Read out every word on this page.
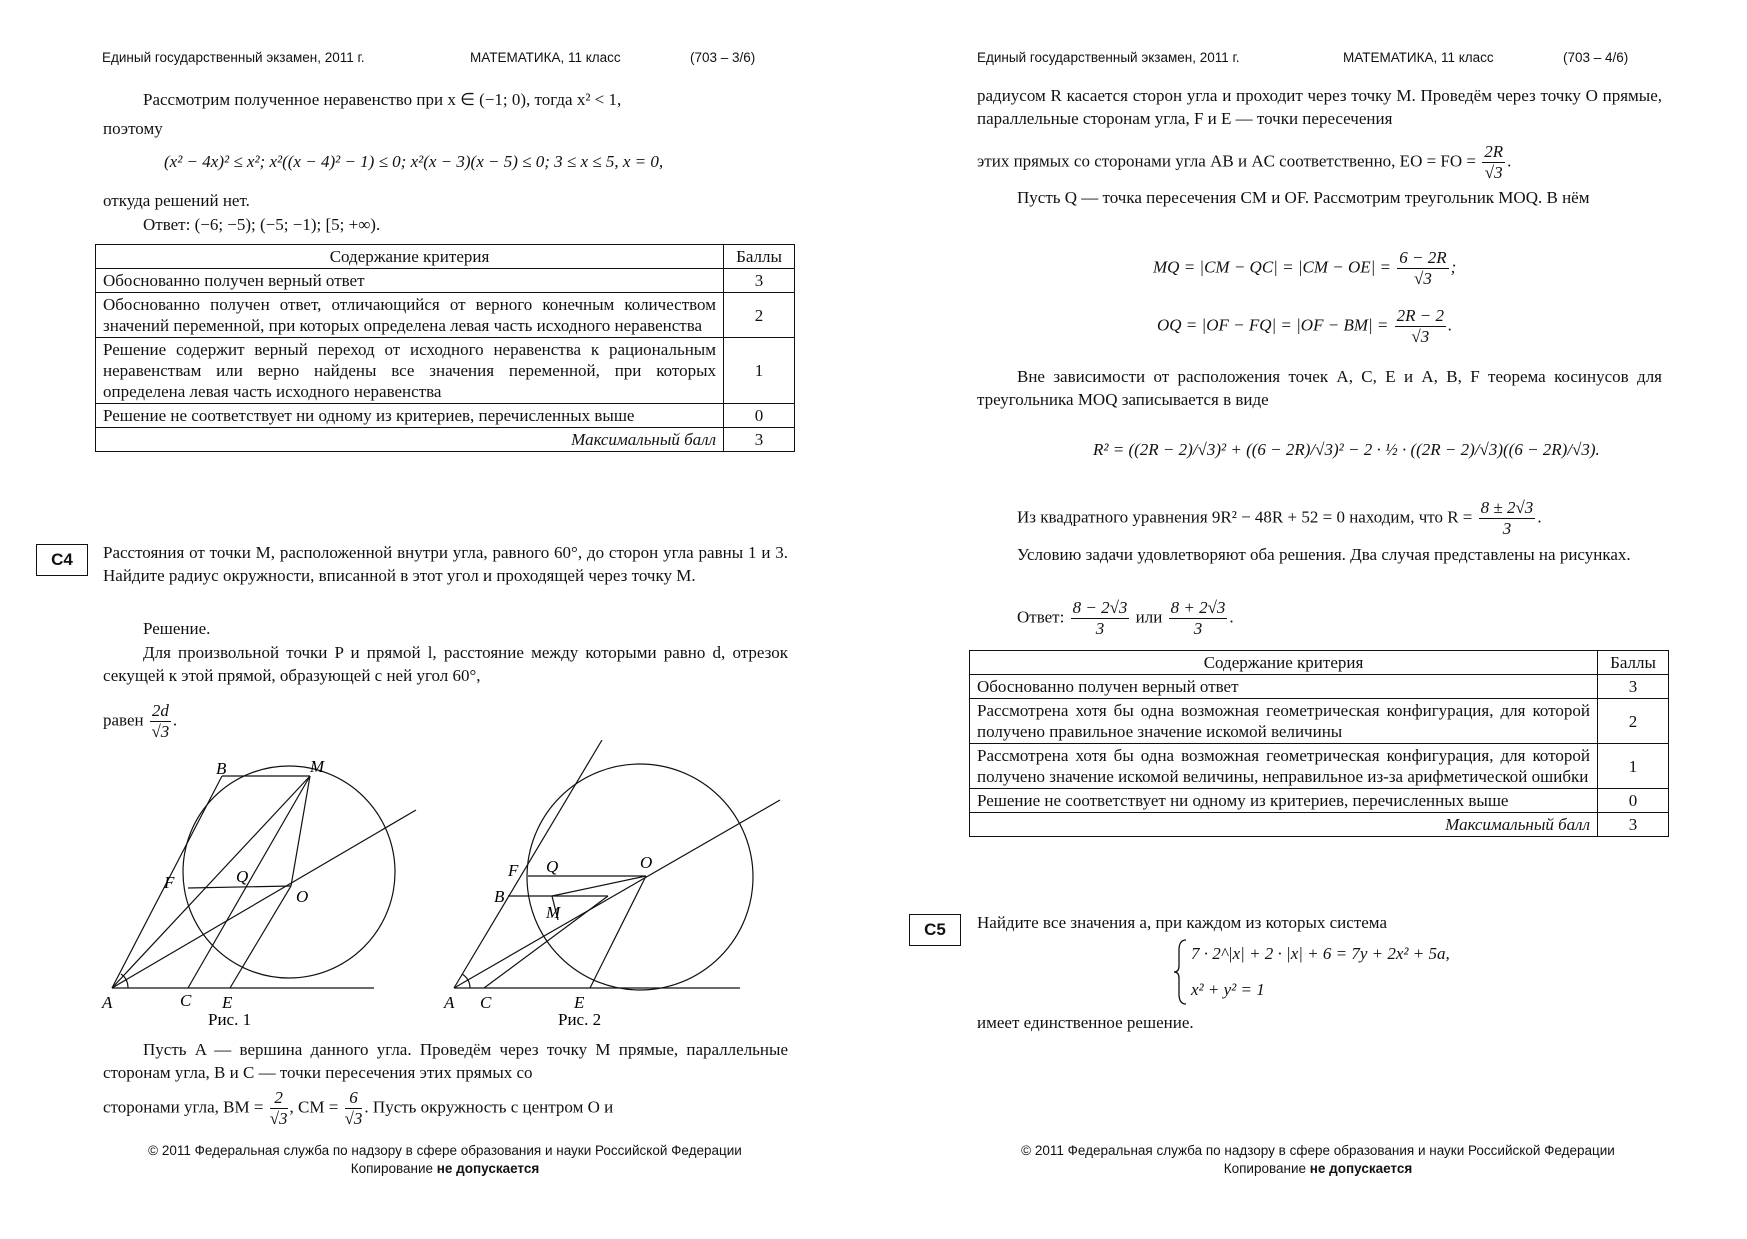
Единый государственный экзамен, 2011 г.	МАТЕМАТИКА, 11 класс	(703 – 3/6)
Рассмотрим полученное неравенство при x ∈ (−1; 0), тогда x² < 1,
поэтому
(x² − 4x)² ≤ x²; x²((x − 4)² − 1) ≤ 0; x²(x − 3)(x − 5) ≤ 0; 3 ≤ x ≤ 5, x = 0,
откуда решений нет.
Ответ: (−6; −5); (−5; −1); [5; +∞).
Содержание критерия	Баллы
Обоснованно получен верный ответ	3
Обоснованно получен ответ, отличающийся от верного конечным количеством значений переменной, при которых определена левая часть исходного неравенства	2
Решение содержит верный переход от исходного неравенства к рациональным неравенствам или верно найдены все значения переменной, при которых определена левая часть исходного неравенства	1
Решение не соответствует ни одному из критериев, перечисленных выше	0
Максимальный балл	3
C4	Расстояния от точки M, расположенной внутри угла, равного 60°, до сторон угла равны 1 и 3. Найдите радиус окружности, вписанной в этот угол и проходящей через точку M.
Решение.
Для произвольной точки P и прямой l, расстояние между которыми равно d, отрезок секущей к этой прямой, образующей с ней угол 60°,
равен $\frac{2d}{√3}$ .
A
B
C E
F
M
O
Q
Рис. 1
A
B
C	E
F
M
O
Q
Рис. 2
Пусть A — вершина данного угла. Проведём через точку M прямые, параллельные сторонам угла, B и C — точки пересечения этих прямых со
сторонами угла, BM = $\frac{2}{√3}$ , CM = $\frac{6}{√3}$ . Пусть окружность с центром O и
© 2011 Федеральная служба по надзору в сфере образования и науки Российской Федерации
Копирование не допускается
Единый государственный экзамен, 2011 г.	МАТЕМАТИКА, 11 класс	(703 – 4/6)
радиусом R касается сторон угла и проходит через точку M. Проведём через точку O прямые, параллельные сторонам угла, F и E — точки пересечения
этих прямых со сторонами угла AB и AC соответственно, EO = FO = $\frac{2R}{√3}$ .
Пусть Q — точка пересечения CM и OF. Рассмотрим треугольник MOQ. В нём
MQ = $|CM - QC| = |CM - OE| = \frac{6 - 2R}{√3}$ ;
OQ = $|OF - FQ| = |OF - BM| = \frac{2R - 2}{√3}$ .
Вне зависимости от расположения точек A, C, E и A, B, F теорема косинусов для треугольника MOQ записывается в виде
R² = ((2R − 2)/√3)² + ((6 − 2R)/√3)² − 2 · ½ · ((2R − 2)/√3)((6 − 2R)/√3).
Из квадратного уравнения 9R² − 48R + 52 = 0 находим, что $R = \frac{8 \pm 2√3}{3}$ .
Условию задачи удовлетворяют оба решения. Два случая представлены на рисунках.
Ответ: $\frac{8 - 2√3}{3}$ или $\frac{8 + 2√3}{3}$ .
Содержание критерия	Баллы
Обоснованно получен верный ответ	3
Рассмотрена хотя бы одна возможная геометрическая конфигурация, для которой получено правильное значение искомой величины	2
Рассмотрена хотя бы одна возможная геометрическая конфигурация, для которой получено значение искомой величины, неправильное из-за арифметической ошибки	1
Решение не соответствует ни одному из критериев, перечисленных выше	0
Максимальный балл	3
C5	Найдите все значения a, при каждом из которых система
7 · 2^|x| + 2 · |x| + 6 = 7y + 2x² + 5a,
x² + y² = 1
имеет единственное решение.
© 2011 Федеральная служба по надзору в сфере образования и науки Российской Федерации
Копирование не допускается
